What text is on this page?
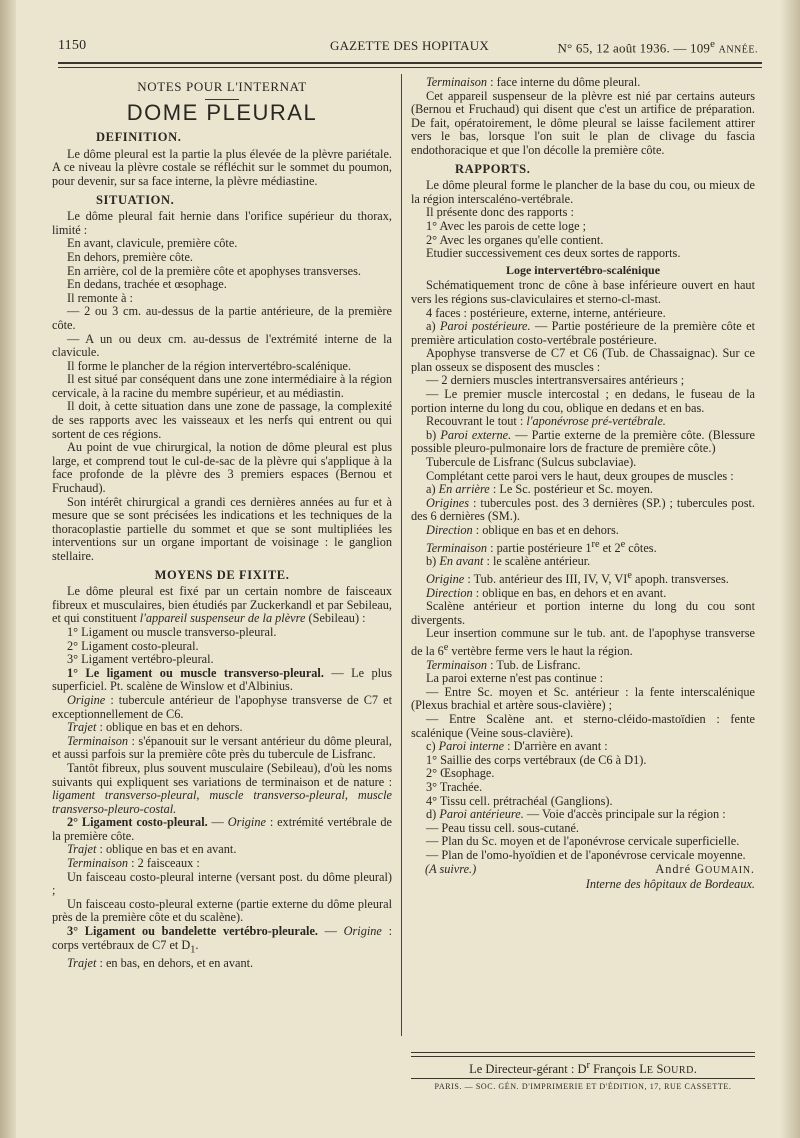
1150	GAZETTE DES HOPITAUX	N° 65, 12 août 1936. — 109e ANNÉE.

NOTES POUR L'INTERNAT

DOME PLEURAL

DEFINITION.

Le dôme pleural est la partie la plus élevée de la plèvre pariétale. A ce niveau la plèvre costale se réfléchit sur le sommet du poumon, pour devenir, sur sa face interne, la plèvre médiastine.

SITUATION.

Le dôme pleural fait hernie dans l'orifice supérieur du thorax, limité :

En avant, clavicule, première côte.

En dehors, première côte.

En arrière, col de la première côte et apophyses transverses.

En dedans, trachée et œsophage.

Il remonte à :

— 2 ou 3 cm. au-dessus de la partie antérieure, de la première côte.

— A un ou deux cm. au-dessus de l'extrémité interne de la clavicule.

Il forme le plancher de la région intervertébro-scalénique.

Il est situé par conséquent dans une zone intermédiaire à la région cervicale, à la racine du membre supérieur, et au médiastin.

Il doit, à cette situation dans une zone de passage, la complexité de ses rapports avec les vaisseaux et les nerfs qui entrent ou qui sortent de ces régions.

Au point de vue chirurgical, la notion de dôme pleural est plus large, et comprend tout le cul-de-sac de la plèvre qui s'applique à la face profonde de la plèvre des 3 premiers espaces (Bernou et Fruchaud).

Son intérêt chirurgical a grandi ces dernières années au fur et à mesure que se sont précisées les indications et les techniques de la thoracoplastie partielle du sommet et que se sont multipliées les interventions sur un organe important de voisinage : le ganglion stellaire.

MOYENS DE FIXITE.

Le dôme pleural est fixé par un certain nombre de faisceaux fibreux et musculaires, bien étudiés par Zuckerkandl et par Sebileau, et qui constituent l'appareil suspenseur de la plèvre (Sebileau) :

1° Ligament ou muscle transverso-pleural.

2° Ligament costo-pleural.

3° Ligament vertébro-pleural.

1° Le ligament ou muscle transverso-pleural. — Le plus superficiel. Pt. scalène de Winslow et d'Albinius.

Origine : tubercule antérieur de l'apophyse transverse de C7 et exceptionnellement de C6.

Trajet : oblique en bas et en dehors.

Terminaison : s'épanouit sur le versant antérieur du dôme pleural, et aussi parfois sur la première côte près du tubercule de Lisfranc.

Tantôt fibreux, plus souvent musculaire (Sebileau), d'où les noms suivants qui expliquent ses variations de terminaison et de nature : ligament transverso-pleural, muscle transverso-pleural, muscle transverso-pleuro-costal.

2° Ligament costo-pleural. — Origine : extrémité vertébrale de la première côte.

Trajet : oblique en bas et en avant.

Terminaison : 2 faisceaux :

Un faisceau costo-pleural interne (versant post. du dôme pleural) ;

Un faisceau costo-pleural externe (partie externe du dôme pleural près de la première côte et du scalène).

3° Ligament ou bandelette vertébro-pleurale. — Origine : corps vertébraux de C7 et $D_1$.

Trajet : en bas, en dehors, et en avant.

Terminaison : face interne du dôme pleural.

Cet appareil suspenseur de la plèvre est nié par certains auteurs (Bernou et Fruchaud) qui disent que c'est un artifice de préparation. De fait, opératoirement, le dôme pleural se laisse facilement attirer vers le bas, lorsque l'on suit le plan de clivage du fascia endothoracique et que l'on décolle la première côte.

RAPPORTS.

Le dôme pleural forme le plancher de la base du cou, ou mieux de la région interscaléno-vertébrale.

Il présente donc des rapports :

1° Avec les parois de cette loge ;

2° Avec les organes qu'elle contient.

Etudier successivement ces deux sortes de rapports.

Loge intervertébro-scalénique

Schématiquement tronc de cône à base inférieure ouvert en haut vers les régions sus-claviculaires et sterno-cl-mast.

4 faces : postérieure, externe, interne, antérieure.

a) Paroi postérieure. — Partie postérieure de la première côte et première articulation costo-vertébrale postérieure.

Apophyse transverse de C7 et C6 (Tub. de Chassaignac). Sur ce plan osseux se disposent des muscles :

— 2 derniers muscles intertransversaires antérieurs ;

— Le premier muscle intercostal ; en dedans, le fuseau de la portion interne du long du cou, oblique en dedans et en bas.

Recouvrant le tout : l'aponévrose pré-vertébrale.

b) Paroi externe. — Partie externe de la première côte. (Blessure possible pleuro-pulmonaire lors de fracture de première côte.)

Tubercule de Lisfranc (Sulcus subclaviae).

Complétant cette paroi vers le haut, deux groupes de muscles :

a) En arrière : Le Sc. postérieur et Sc. moyen.

Origines : tubercules post. des 3 dernières (SP.) ; tubercules post. des 6 dernières (SM.).

Direction : oblique en bas et en dehors.

Terminaison : partie postérieure 1re et 2e côtes.

b) En avant : le scalène antérieur.

Origine : Tub. antérieur des III, IV, V, VIe apoph. transverses.

Direction : oblique en bas, en dehors et en avant.

Scalène antérieur et portion interne du long du cou sont divergents.

Leur insertion commune sur le tub. ant. de l'apophyse transverse de la 6e vertèbre ferme vers le haut la région.

Terminaison : Tub. de Lisfranc.

La paroi externe n'est pas continue :

— Entre Sc. moyen et Sc. antérieur : la fente interscalénique (Plexus brachial et artère sous-clavière) ;

— Entre Scalène ant. et sterno-cléido-mastoïdien : fente scalénique (Veine sous-clavière).

c) Paroi interne : D'arrière en avant :

1° Saillie des corps vertébraux (de C6 à D1).

2° Œsophage.

3° Trachée.

4° Tissu cell. prétrachéal (Ganglions).

d) Paroi antérieure. — Voie d'accès principale sur la région :

— Peau tissu cell. sous-cutané.

— Plan du Sc. moyen et de l'aponévrose cervicale superficielle.

— Plan de l'omo-hyoïdien et de l'aponévrose cervicale moyenne.

(A suivre.)	André GOUMAIN.

Interne des hôpitaux de Bordeaux.

Le Directeur-gérant : $D^r$ François LE SOURD.
PARIS. — SOC. GÉN. D'IMPRIMERIE ET D'ÉDITION, 17, RUE CASSETTE.
